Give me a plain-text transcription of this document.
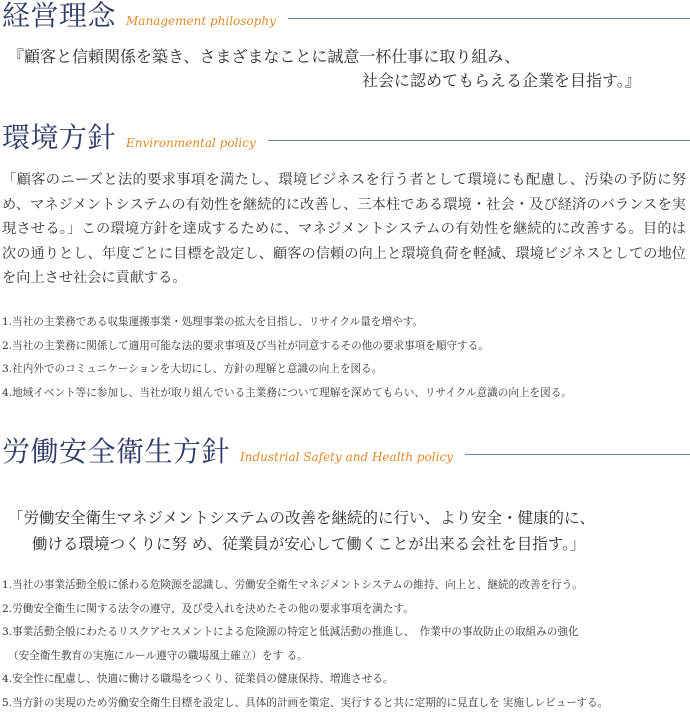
経営理念 Management philosophy
『顧客と信頼関係を築き、さまざまなことに誠意一杯仕事に取り組み、
社会に認めてもらえる企業を目指す。』
環境方針 Environmental policy

「顧客のニーズと法的要求事項を満たし、環境ビジネスを行う者として環境にも配慮し、汚染の予防に努め、マネジメントシステムの有効性を継続的に改善し、三本柱である環境・社会・及び経済のバランスを実現させる。」この環境方針を達成するために、マネジメントシステムの有効性を継続的に改善する。目的は次の通りとし、年度ごとに目標を設定し、顧客の信頼の向上と環境負荷を軽減、環境ビジネスとしての地位を向上させ社会に貢献する。

1.当社の主業務である収集運搬事業・処理事業の拡大を目指し、リサイクル量を増やす。
2.当社の主業務に関係して適用可能な法的要求事項及び当社が同意するその他の要求事項を順守する。
3.社内外でのコミュニケーションを大切にし、方針の理解と意識の向上を図る。
4.地域イベント等に参加し、当社が取り組んでいる主業務について理解を深めてもらい、リサイクル意識の向上を図る。
労働安全衛生方針 Industrial Safety and Health policy
「労働安全衛生マネジメントシステムの改善を継続的に行い、より安全・健康的に、
働ける環境つくりに努 め、従業員が安心して働くことが出来る会社を目指す。」
1.当社の事業活動全般に係わる危険源を認識し、労働安全衛生マネジメントシステムの維持、向上と、継続的改善を行う。
2.労働安全衛生に関する法令の遵守、及び受入れを決めたその他の要求事項を満たす。
3.事業活動全般にわたるリスクアセスメントによる危険源の特定と低減活動の推進し、　作業中の事故防止の取組みの強化
（安全衛生教育の実施にルール遵守の職場風土確立）をす る。
4.安全性に配慮し、快適に働ける職場をつくり、従業員の健康保持、増進させる。
5.当方針の実現のため労働安全衛生目標を設定し、具体的計画を策定、実行すると共に定期的に見直しを 実施しレビューする。
